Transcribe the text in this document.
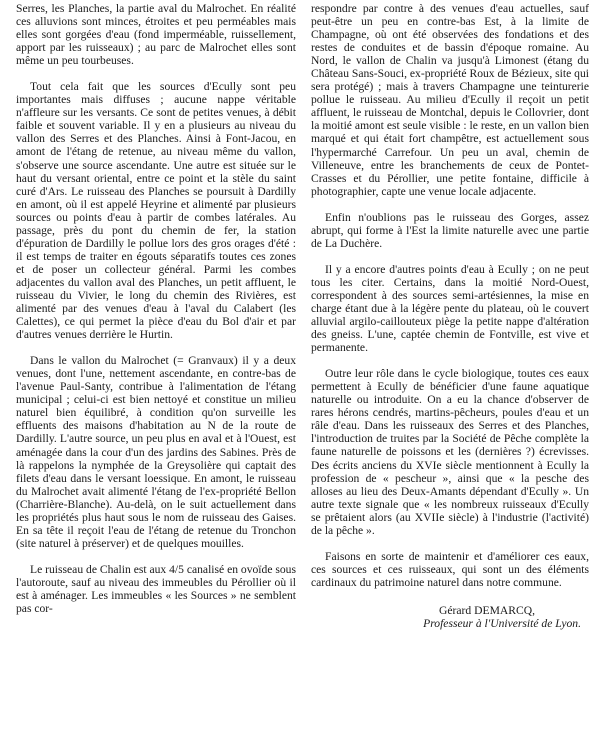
Serres, les Planches, la partie aval du Malrochet. En réalité ces alluvions sont minces, étroites et peu perméables mais elles sont gorgées d'eau (fond imperméable, ruissellement, apport par les ruisseaux) ; au parc de Malrochet elles sont même un peu tourbeuses.

Tout cela fait que les sources d'Ecully sont peu importantes mais diffuses ; aucune nappe véritable n'affleure sur les versants. Ce sont de petites venues, à débit faible et souvent variable. Il y en a plusieurs au niveau du vallon des Serres et des Planches. Ainsi à Font-Jacou, en amont de l'étang de retenue, au niveau même du vallon, s'observe une source ascendante. Une autre est située sur le haut du versant oriental, entre ce point et la stèle du saint curé d'Ars. Le ruisseau des Planches se poursuit à Dardilly en amont, où il est appelé Heyrine et alimenté par plusieurs sources ou points d'eau à partir de combes latérales. Au passage, près du pont du chemin de fer, la station d'épuration de Dardilly le pollue lors des gros orages d'été : il est temps de traiter en égouts séparatifs toutes ces zones et de poser un collecteur général. Parmi les combes adjacentes du vallon aval des Planches, un petit affluent, le ruisseau du Vivier, le long du chemin des Rivières, est alimenté par des venues d'eau à l'aval du Calabert (les Calettes), ce qui permet la pièce d'eau du Bol d'air et par d'autres venues derrière le Hurtin.

Dans le vallon du Malrochet (= Granvaux) il y a deux venues, dont l'une, nettement ascendante, en contre-bas de l'avenue Paul-Santy, contribue à l'alimentation de l'étang municipal ; celui-ci est bien nettoyé et constitue un milieu naturel bien équilibré, à condition qu'on surveille les effluents des maisons d'habitation au N de la route de Dardilly. L'autre source, un peu plus en aval et à l'Ouest, est aménagée dans la cour d'un des jardins des Sabines. Près de là rappelons la nymphée de la Greysolière qui captait des filets d'eau dans le versant loessique. En amont, le ruisseau du Malrochet avait alimenté l'étang de l'ex-propriété Bellon (Charrière-Blanche). Au-delà, on le suit actuellement dans les propriétés plus haut sous le nom de ruisseau des Gaises. En sa tête il reçoit l'eau de l'étang de retenue du Tronchon (site naturel à préserver) et de quelques mouilles.

Le ruisseau de Chalin est aux 4/5 canalisé en ovoïde sous l'autoroute, sauf au niveau des immeubles du Pérollier où il est à aménager. Les immeubles « les Sources » ne semblent pas cor-

respondre par contre à des venues d'eau actuelles, sauf peut-être un peu en contre-bas Est, à la limite de Champagne, où ont été observées des fondations et des restes de conduites et de bassin d'époque romaine. Au Nord, le vallon de Chalin va jusqu'à Limonest (étang du Château Sans-Souci, ex-propriété Roux de Bézieux, site qui sera protégé) ; mais à travers Champagne une teinturerie pollue le ruisseau. Au milieu d'Ecully il reçoit un petit affluent, le ruisseau de Montchal, depuis le Collovrier, dont la moitié amont est seule visible : le reste, en un vallon bien marqué et qui était fort champêtre, est actuellement sous l'hypermarché Carrefour. Un peu un aval, chemin de Villeneuve, entre les branchements de ceux de Pontet-Crasses et du Pérollier, une petite fontaine, difficile à photographier, capte une venue locale adjacente.

Enfin n'oublions pas le ruisseau des Gorges, assez abrupt, qui forme à l'Est la limite naturelle avec une partie de La Duchère.

Il y a encore d'autres points d'eau à Ecully ; on ne peut tous les citer. Certains, dans la moitié Nord-Ouest, correspondent à des sources semi-artésiennes, la mise en charge étant due à la légère pente du plateau, où le couvert alluvial argilo-caillouteux piège la petite nappe d'altération des gneiss. L'une, captée chemin de Fontville, est vive et permanente.

Outre leur rôle dans le cycle biologique, toutes ces eaux permettent à Ecully de bénéficier d'une faune aquatique naturelle ou introduite. On a eu la chance d'observer de rares hérons cendrés, martins-pêcheurs, poules d'eau et un râle d'eau. Dans les ruisseaux des Serres et des Planches, l'introduction de truites par la Société de Pêche complète la faune naturelle de poissons et les (dernières ?) écrevisses. Des écrits anciens du XVIe siècle mentionnent à Ecully la profession de « pescheur », ainsi que « la pesche des alloses au lieu des Deux-Amants dépendant d'Ecully ». Un autre texte signale que « les nombreux ruisseaux d'Ecully se prêtaient alors (au XVIIe siècle) à l'industrie (l'activité) de la pêche ».

Faisons en sorte de maintenir et d'améliorer ces eaux, ces sources et ces ruisseaux, qui sont un des éléments cardinaux du patrimoine naturel dans notre commune.

Gérard DEMARCQ,
Professeur à l'Université de Lyon.
